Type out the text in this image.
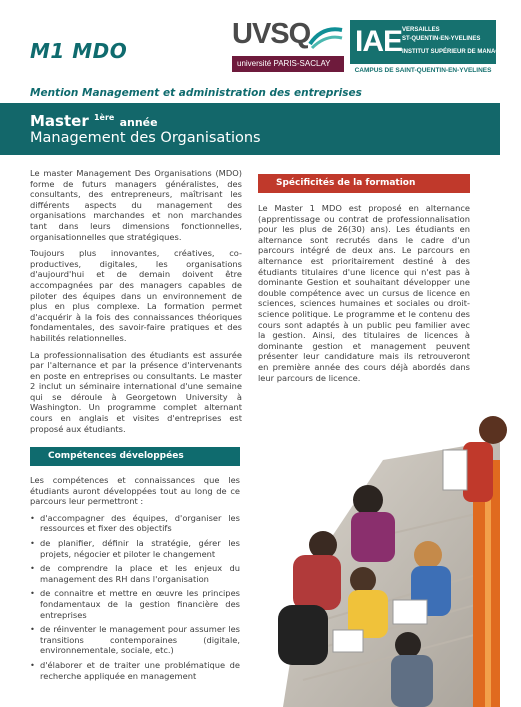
M1 MDO
UVSQ
université PARIS-SACLAY
IAE VERSAILLES
ST-QUENTIN-EN-YVELINES
INSTITUT SUPÉRIEUR DE MANAGEMENT
CAMPUS DE SAINT-QUENTIN-EN-YVELINES
Mention Management et administration des entreprises
Master $^{1ère}$ année
Management des Organisations

Le master Management Des Organisations (MDO) forme de futurs managers généralistes, des consultants, des entrepreneurs, maîtrisant les différents aspects du management des organisations marchandes et non marchandes tant dans leurs dimensions fonctionnelles, organisationnelles que stratégiques.

Toujours plus innovantes, créatives, co-productives, digitales, les organisations d'aujourd'hui et de demain doivent être accompagnées par des managers capables de piloter des équipes dans un environnement de plus en plus complexe. La formation permet d'acquérir à la fois des connaissances théoriques fondamentales, des savoir-faire pratiques et des habilités relationnelles.

La professionnalisation des étudiants est assurée par l'alternance et par la présence d'intervenants en poste en entreprises ou consultants. Le master 2 inclut un séminaire international d'une semaine qui se déroule à Georgetown University à Washington. Un programme complet alternant cours en anglais et visites d'entreprises est proposé aux étudiants.

Spécificités de la formation

Le Master 1 MDO est proposé en alternance (apprentissage ou contrat de professionnalisation pour les plus de 26(30) ans). Les étudiants en alternance sont recrutés dans le cadre d'un parcours intégré de deux ans. Le parcours en alternance est prioritairement destiné à des étudiants titulaires d'une licence qui n'est pas à dominante Gestion et souhaitant développer une double compétence avec un cursus de licence en sciences, sciences humaines et sociales ou droit-science politique. Le programme et le contenu des cours sont adaptés à un public peu familier avec la gestion. Ainsi, des titulaires de licences à dominante gestion et management peuvent présenter leur candidature mais ils retrouveront en première année des cours déjà abordés dans leur parcours de licence.

Compétences développées

Les compétences et connaissances que les étudiants auront développées tout au long de ce parcours leur permettront :

• d'accompagner des équipes, d'organiser les ressources et fixer des objectifs
• de planifier, définir la stratégie, gérer les projets, négocier et piloter le changement
• de comprendre la place et les enjeux du management des RH dans l'organisation
• de connaitre et mettre en œuvre les principes fondamentaux de la gestion financière des entreprises
• de réinventer le management pour assumer les transitions contemporaines (digitale, environnementale, sociale, etc.)
• d'élaborer et de traiter une problématique de recherche appliquée en management
